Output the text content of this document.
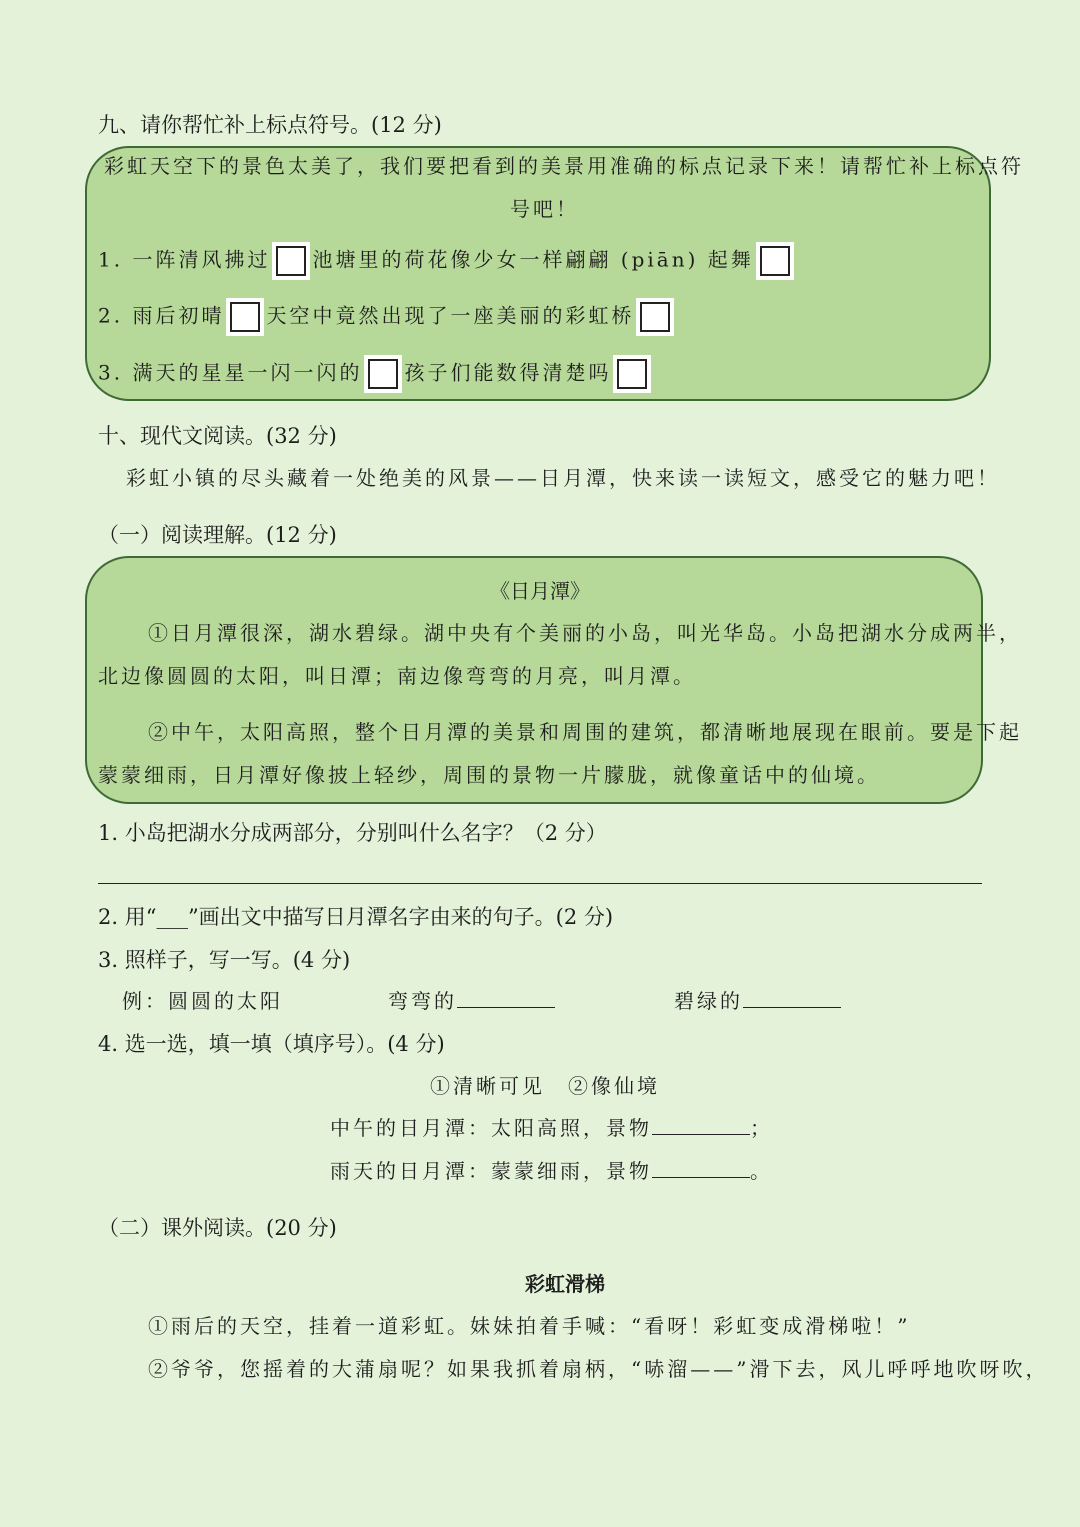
九、请你帮忙补上标点符号。(12 分)
彩虹天空下的景色太美了，我们要把看到的美景用准确的标点记录下来！请帮忙补上标点符
号吧！
1. 一阵清风拂过 池塘里的荷花像少女一样翩翩 (piān) 起舞
2. 雨后初晴 天空中竟然出现了一座美丽的彩虹桥
3. 满天的星星一闪一闪的 孩子们能数得清楚吗
十、现代文阅读。(32 分)
彩虹小镇的尽头藏着一处绝美的风景——日月潭，快来读一读短文，感受它的魅力吧！
（一）阅读理解。(12 分)
《日月潭》
①日月潭很深，湖水碧绿。湖中央有个美丽的小岛，叫光华岛。小岛把湖水分成两半，
北边像圆圆的太阳，叫日潭；南边像弯弯的月亮，叫月潭。
②中午，太阳高照，整个日月潭的美景和周围的建筑，都清晰地展现在眼前。要是下起
蒙蒙细雨，日月潭好像披上轻纱，周围的景物一片朦胧，就像童话中的仙境。
1. 小岛把湖水分成两部分，分别叫什么名字？（2 分）
2. 用“___”画出文中描写日月潭名字由来的句子。(2 分)
3. 照样子，写一写。(4 分)
例：圆圆的太阳	弯弯的	碧绿的
4. 选一选，填一填（填序号）。(4 分)
①清晰可见　②像仙境
中午的日月潭：太阳高照，景物	；
雨天的日月潭：蒙蒙细雨，景物	。
（二）课外阅读。(20 分)
彩虹滑梯
①雨后的天空，挂着一道彩虹。妹妹拍着手喊：“看呀！彩虹变成滑梯啦！”
②爷爷，您摇着的大蒲扇呢？如果我抓着扇柄，“哧溜——”滑下去，风儿呼呼地吹呀吹，
